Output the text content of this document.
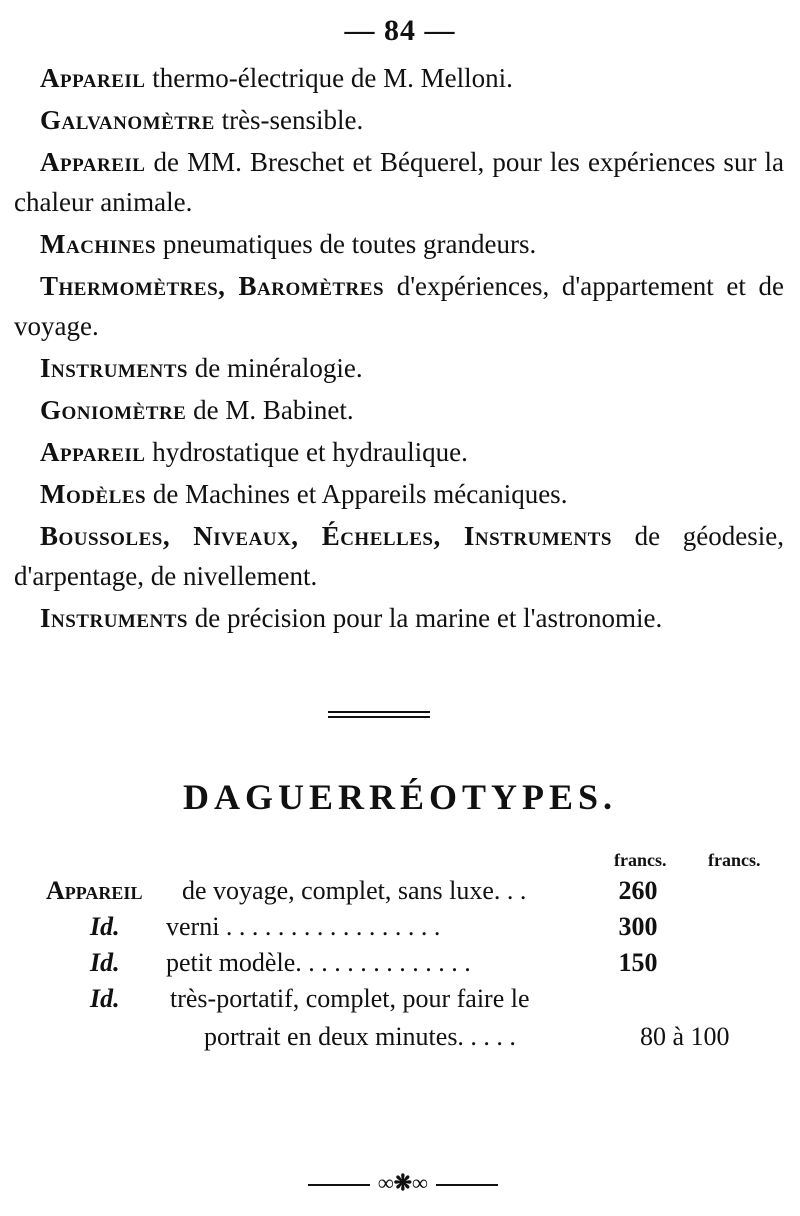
— 84 —

Appareil thermo-électrique de M. Melloni.

Galvanomètre très-sensible.

Appareil de MM. Breschet et Béquerel, pour les expériences sur la chaleur animale.

Machines pneumatiques de toutes grandeurs.

Thermomètres, Baromètres d'expériences, d'appartement et de voyage.

Instruments de minéralogie.

Goniomètre de M. Babinet.

Appareil hydrostatique et hydraulique.

Modèles de Machines et Appareils mécaniques.

Boussoles, Niveaux, Échelles, Instruments de géodesie, d'arpentage, de nivellement.

Instruments de précision pour la marine et l'astronomie.

DAGUERRÉOTYPES.
francs. francs.
Appareil de voyage, complet, sans luxe. . .	260
Id. verni . . . . . . . . . . . . . . . . .	300
Id. petit modèle. . . . . . . . . . . . . .	150
Id. très-portatif, complet, pour faire le
portrait en deux minutes. . . . .	80 à 100
∞❋∞
